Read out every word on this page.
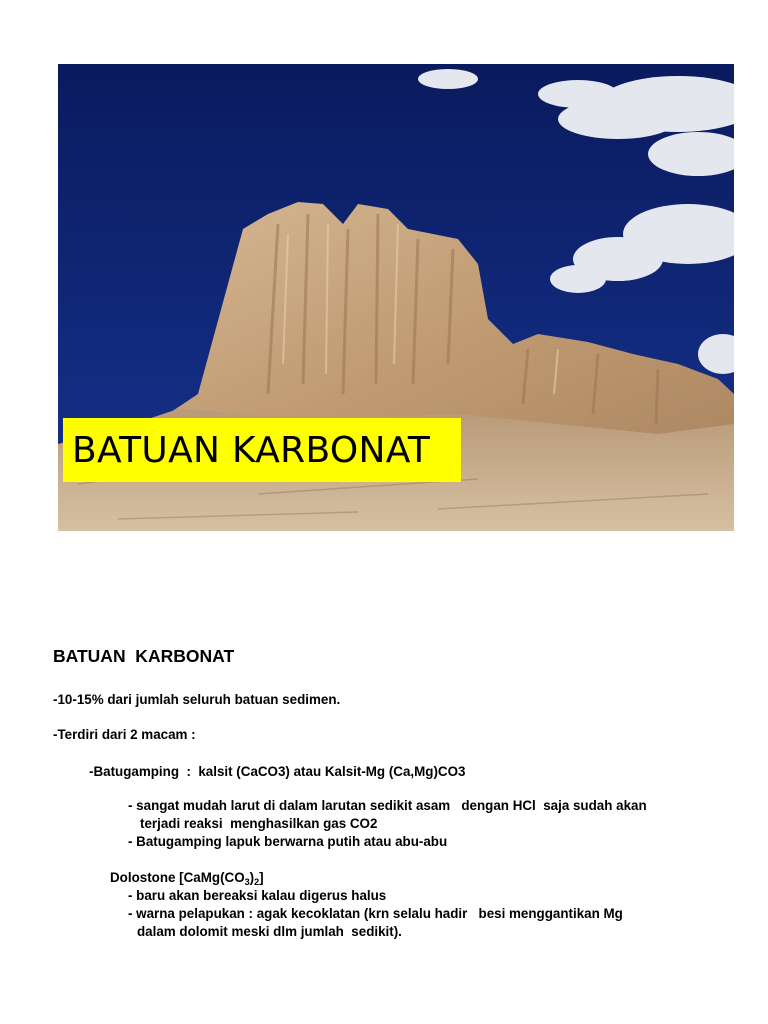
BATUAN KARBONAT
BATUAN  KARBONAT
-10-15% dari jumlah seluruh batuan sedimen.
-Terdiri dari 2 macam :
-Batugamping  :  kalsit (CaCO3) atau Kalsit-Mg (Ca,Mg)CO3
- sangat mudah larut di dalam larutan sedikit asam   dengan HCl  saja sudah akan
terjadi reaksi  menghasilkan gas CO2
- Batugamping lapuk berwarna putih atau abu-abu
Dolostone $[CaMg(CO_3)_2]$
- baru akan bereaksi kalau digerus halus
- warna pelapukan : agak kecoklatan (krn selalu hadir   besi menggantikan Mg
dalam dolomit meski dlm jumlah  sedikit).
